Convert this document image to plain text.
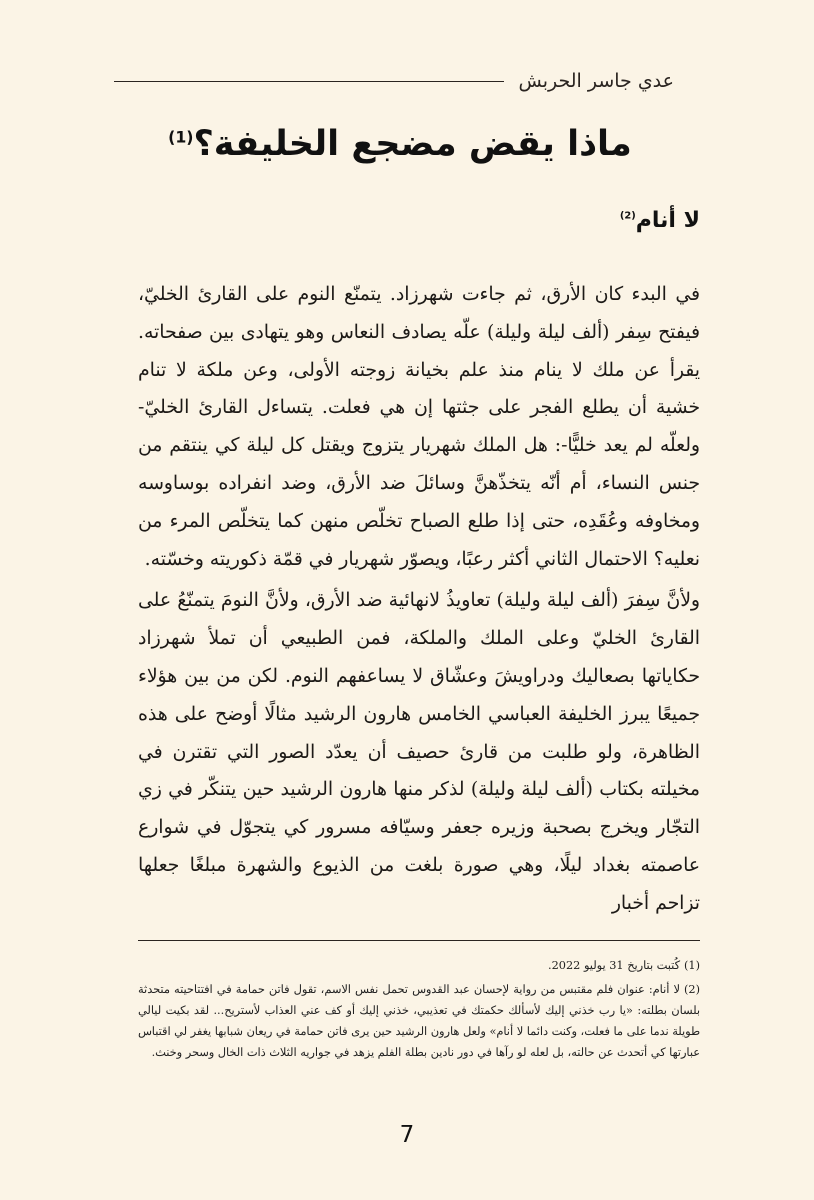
عدي جاسر الحربش
ماذا يقض مضجع الخليفة؟$^{(1)}$
لا أنام$^{(2)}$

في البدء كان الأرق، ثم جاءت شهرزاد. يتمنّع النوم على القارئ الخليّ، فيفتح سِفر (ألف ليلة وليلة) علّه يصادف النعاس وهو يتهادى بين صفحاته. يقرأ عن ملك لا ينام منذ علم بخيانة زوجته الأولى، وعن ملكة لا تنام خشية أن يطلع الفجر على جثتها إن هي فعلت. يتساءل القارئ الخليّ-ولعلّه لم يعد خليًّا-: هل الملك شهريار يتزوج ويقتل كل ليلة كي ينتقم من جنس النساء، أم أنّه يتخذّهنَّ وسائلَ ضد الأرق، وضد انفراده بوساوسه ومخاوفه وعُقَدِه، حتى إذا طلع الصباح تخلّص منهن كما يتخلّص المرء من نعليه؟ الاحتمال الثاني أكثر رعبًا، ويصوّر شهريار في قمّة ذكوريته وخسّته.

ولأنَّ سِفرَ (ألف ليلة وليلة) تعاويذُ لانهائية ضد الأرق، ولأنَّ النومَ يتمنّعُ على القارئ الخليّ وعلى الملك والملكة، فمن الطبيعي أن تملأ شهرزاد حكاياتها بصعاليك ودراويشَ وعشّاق لا يساعفهم النوم. لكن من بين هؤلاء جميعًا يبرز الخليفة العباسي الخامس هارون الرشيد مثالًا أوضح على هذه الظاهرة، ولو طلبت من قارئ حصيف أن يعدّد الصور التي تقترن في مخيلته بكتاب (ألف ليلة وليلة) لذكر منها هارون الرشيد حين يتنكّر في زي التجّار ويخرج بصحبة وزيره جعفر وسيّافه مسرور كي يتجوّل في شوارع عاصمته بغداد ليلًا، وهي صورة بلغت من الذيوع والشهرة مبلغًا جعلها تزاحم أخبار

(1)كُتبت بتاريخ 31 يوليو 2022.

(2)لا أنام: عنوان فلم مقتبس من رواية لإحسان عبد القدوس تحمل نفس الاسم، تقول فاتن حمامة في افتتاحيته متحدثة بلسان بطلته: «يا رب خذني إليك لأسألك حكمتك في تعذيبي، خذني إليك أو كف عني العذاب لأستريح... لقد بكيت ليالي طويلة ندما على ما فعلت، وكنت دائما لا أنام» ولعل هارون الرشيد حين يرى فاتن حمامة في ريعان شبابها يغفر لي اقتباس عبارتها كي أتحدث عن حالته، بل لعله لو رآها في دور نادين بطلة الفلم يزهد في جواريه الثلاث ذات الخال وسحر وخنث.

7
